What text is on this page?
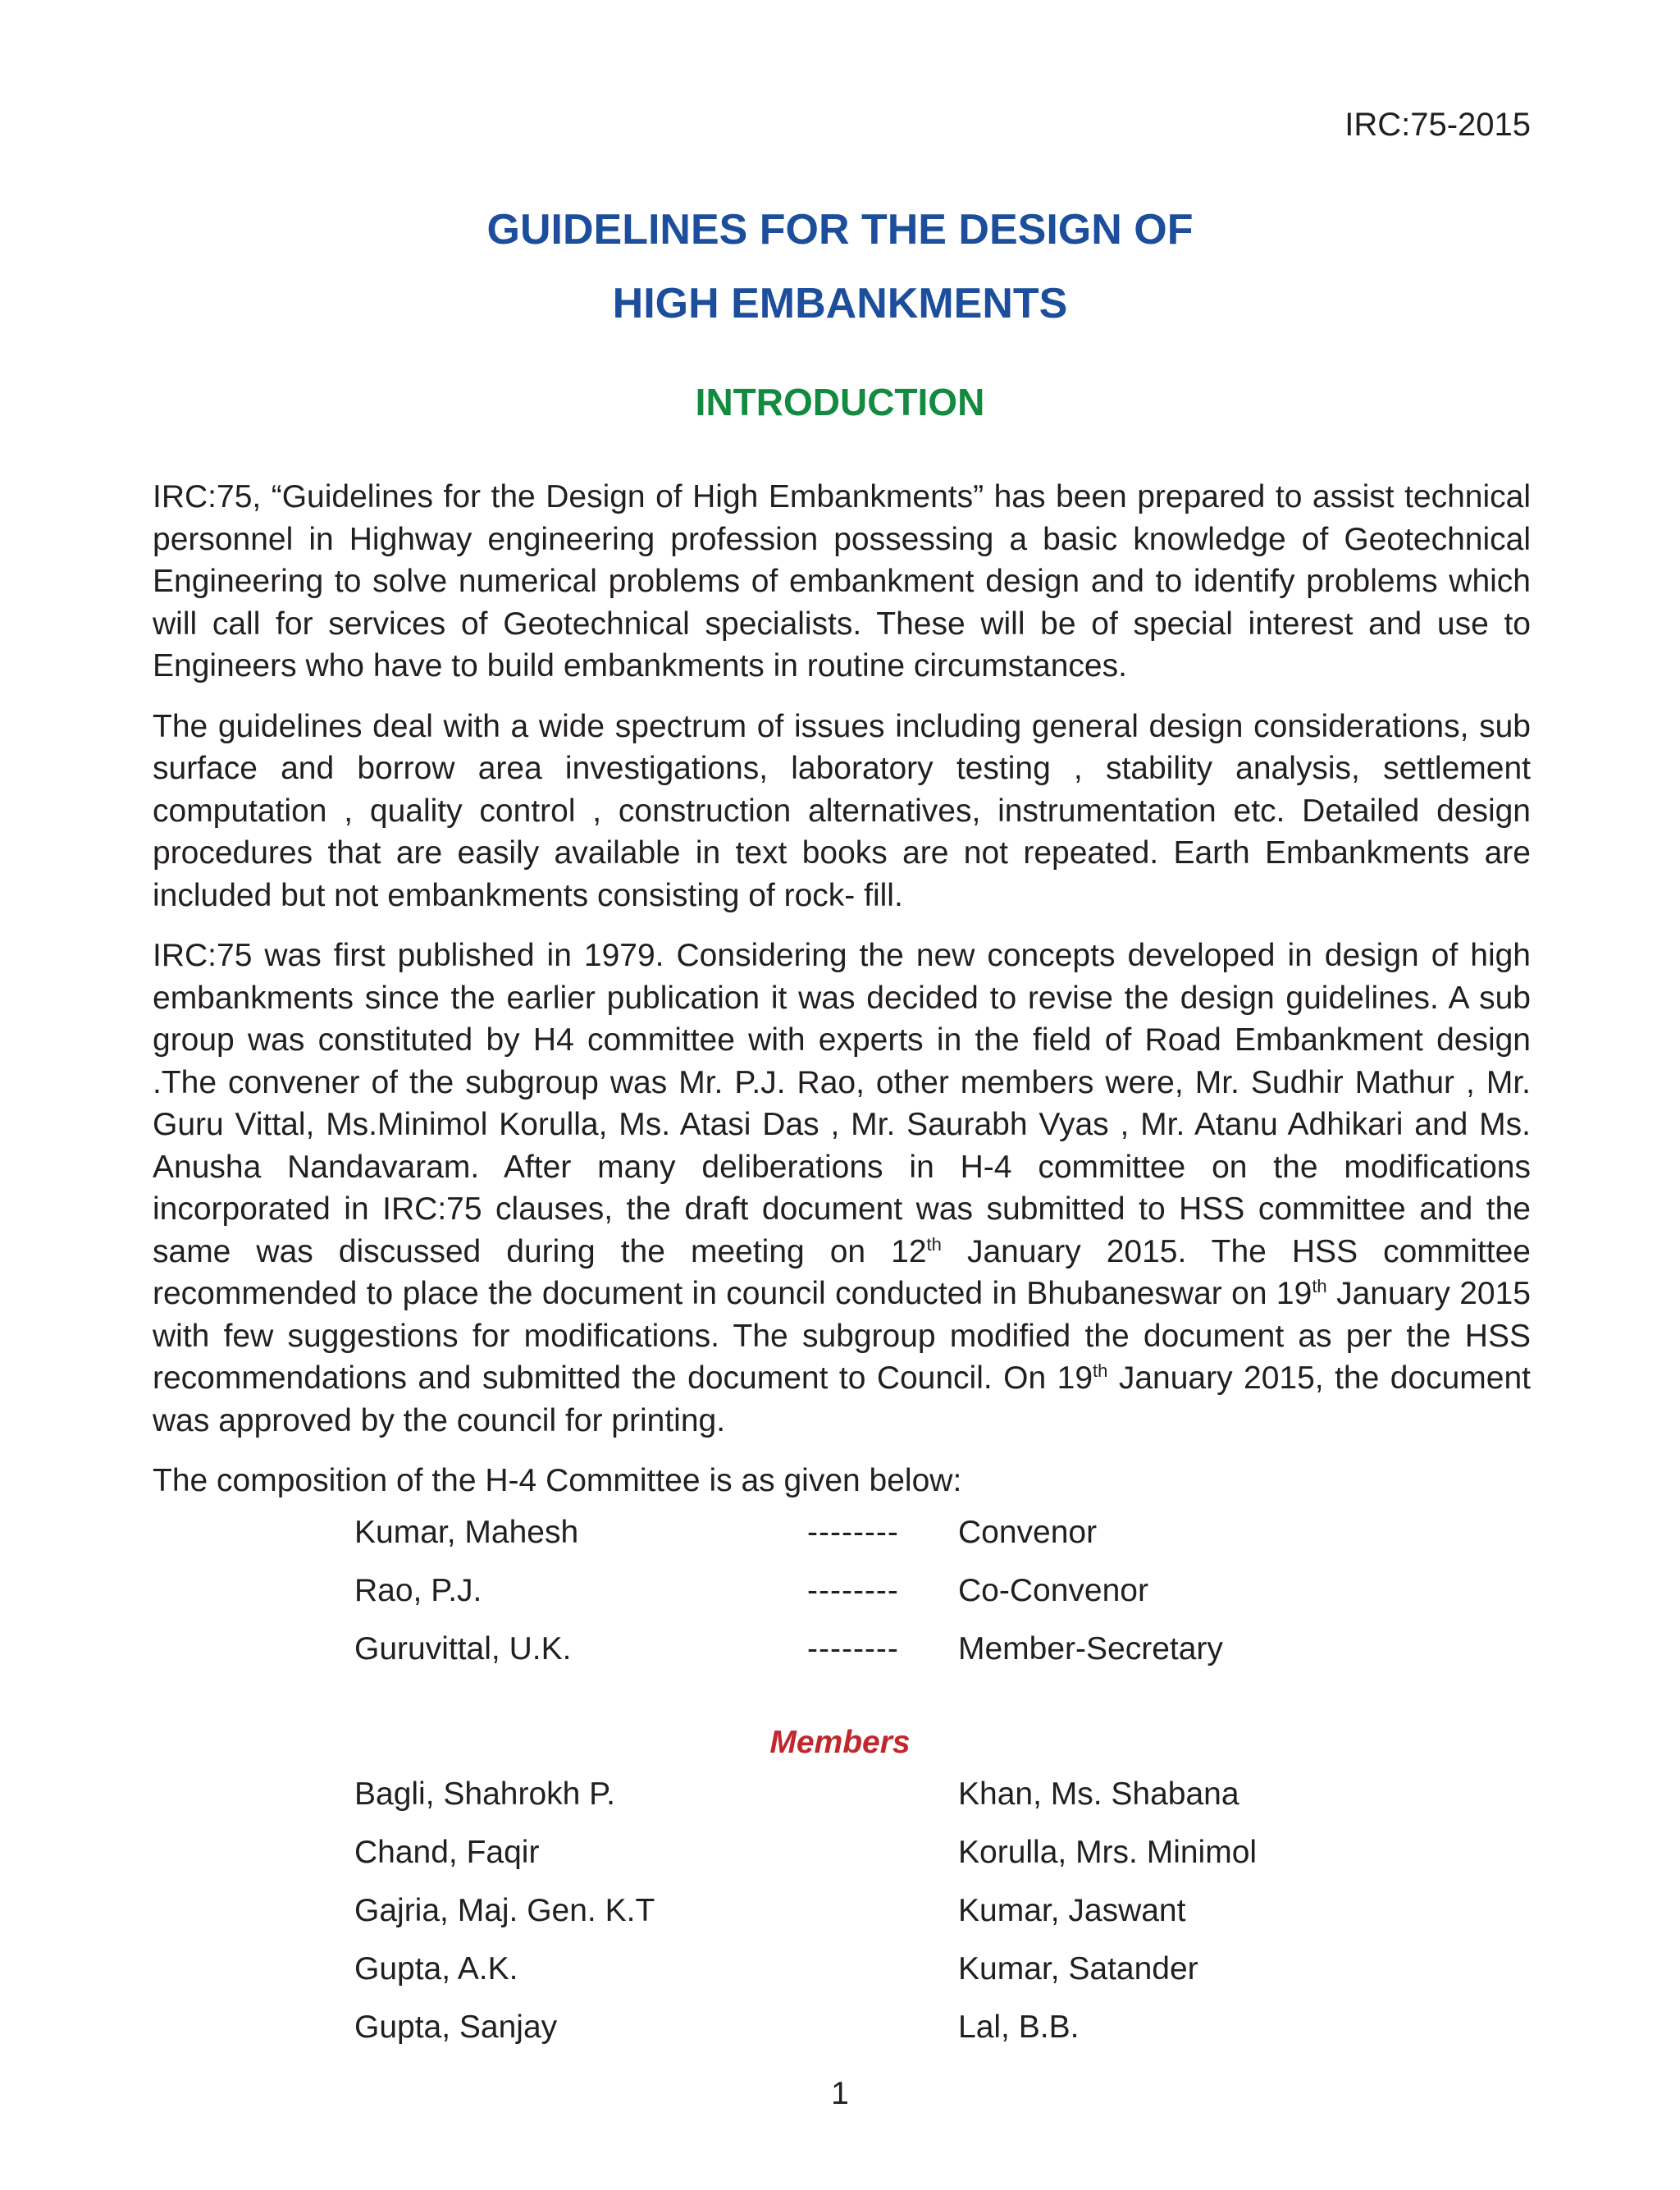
IRC:75-2015
GUIDELINES FOR THE DESIGN OF
HIGH EMBANKMENTS
INTRODUCTION

IRC:75, “Guidelines for the Design of High Embankments” has been prepared to assist technical personnel in Highway engineering profession possessing a basic knowledge of Geotechnical Engineering to solve numerical problems of embankment design and to identify problems which will call for services of Geotechnical specialists. These will be of special interest and use to Engineers who have to build embankments in routine circumstances.

The guidelines deal with a wide spectrum of issues including general design considerations, sub surface and borrow area investigations, laboratory testing , stability analysis, settlement computation , quality control , construction alternatives, instrumentation etc. Detailed design procedures that are easily available in text books are not repeated. Earth Embankments are included but not embankments consisting of rock- fill.

IRC:75 was first published in 1979. Considering the new concepts developed in design of high embankments since the earlier publication it was decided to revise the design guidelines. A sub group was constituted by H4 committee with experts in the field of Road Embankment design .The convener of the subgroup was Mr. P.J. Rao, other members were, Mr. Sudhir Mathur , Mr. Guru Vittal, Ms.Minimol Korulla, Ms. Atasi Das , Mr. Saurabh Vyas , Mr. Atanu Adhikari and Ms. Anusha Nandavaram. After many deliberations in H-4 committee on the modifications incorporated in IRC:75 clauses, the draft document was submitted to HSS committee and the same was discussed during the meeting on 12th January 2015. The HSS committee recommended to place the document in council conducted in Bhubaneswar on 19th January 2015 with few suggestions for modifications. The subgroup modified the document as per the HSS recommendations and submitted the document to Council. On 19th January 2015, the document was approved by the council for printing.

The composition of the H-4 Committee is as given below:

Kumar, Mahesh	-------- Convenor
Rao, P.J.	-------- Co-Convenor
Guruvittal, U.K.	-------- Member-Secretary
Members
Bagli, Shahrokh P.	Khan, Ms. Shabana
Chand, Faqir	Korulla, Mrs. Minimol
Gajria, Maj. Gen. K.T	Kumar, Jaswant
Gupta, A.K.	Kumar, Satander
Gupta, Sanjay	Lal, B.B.
1
